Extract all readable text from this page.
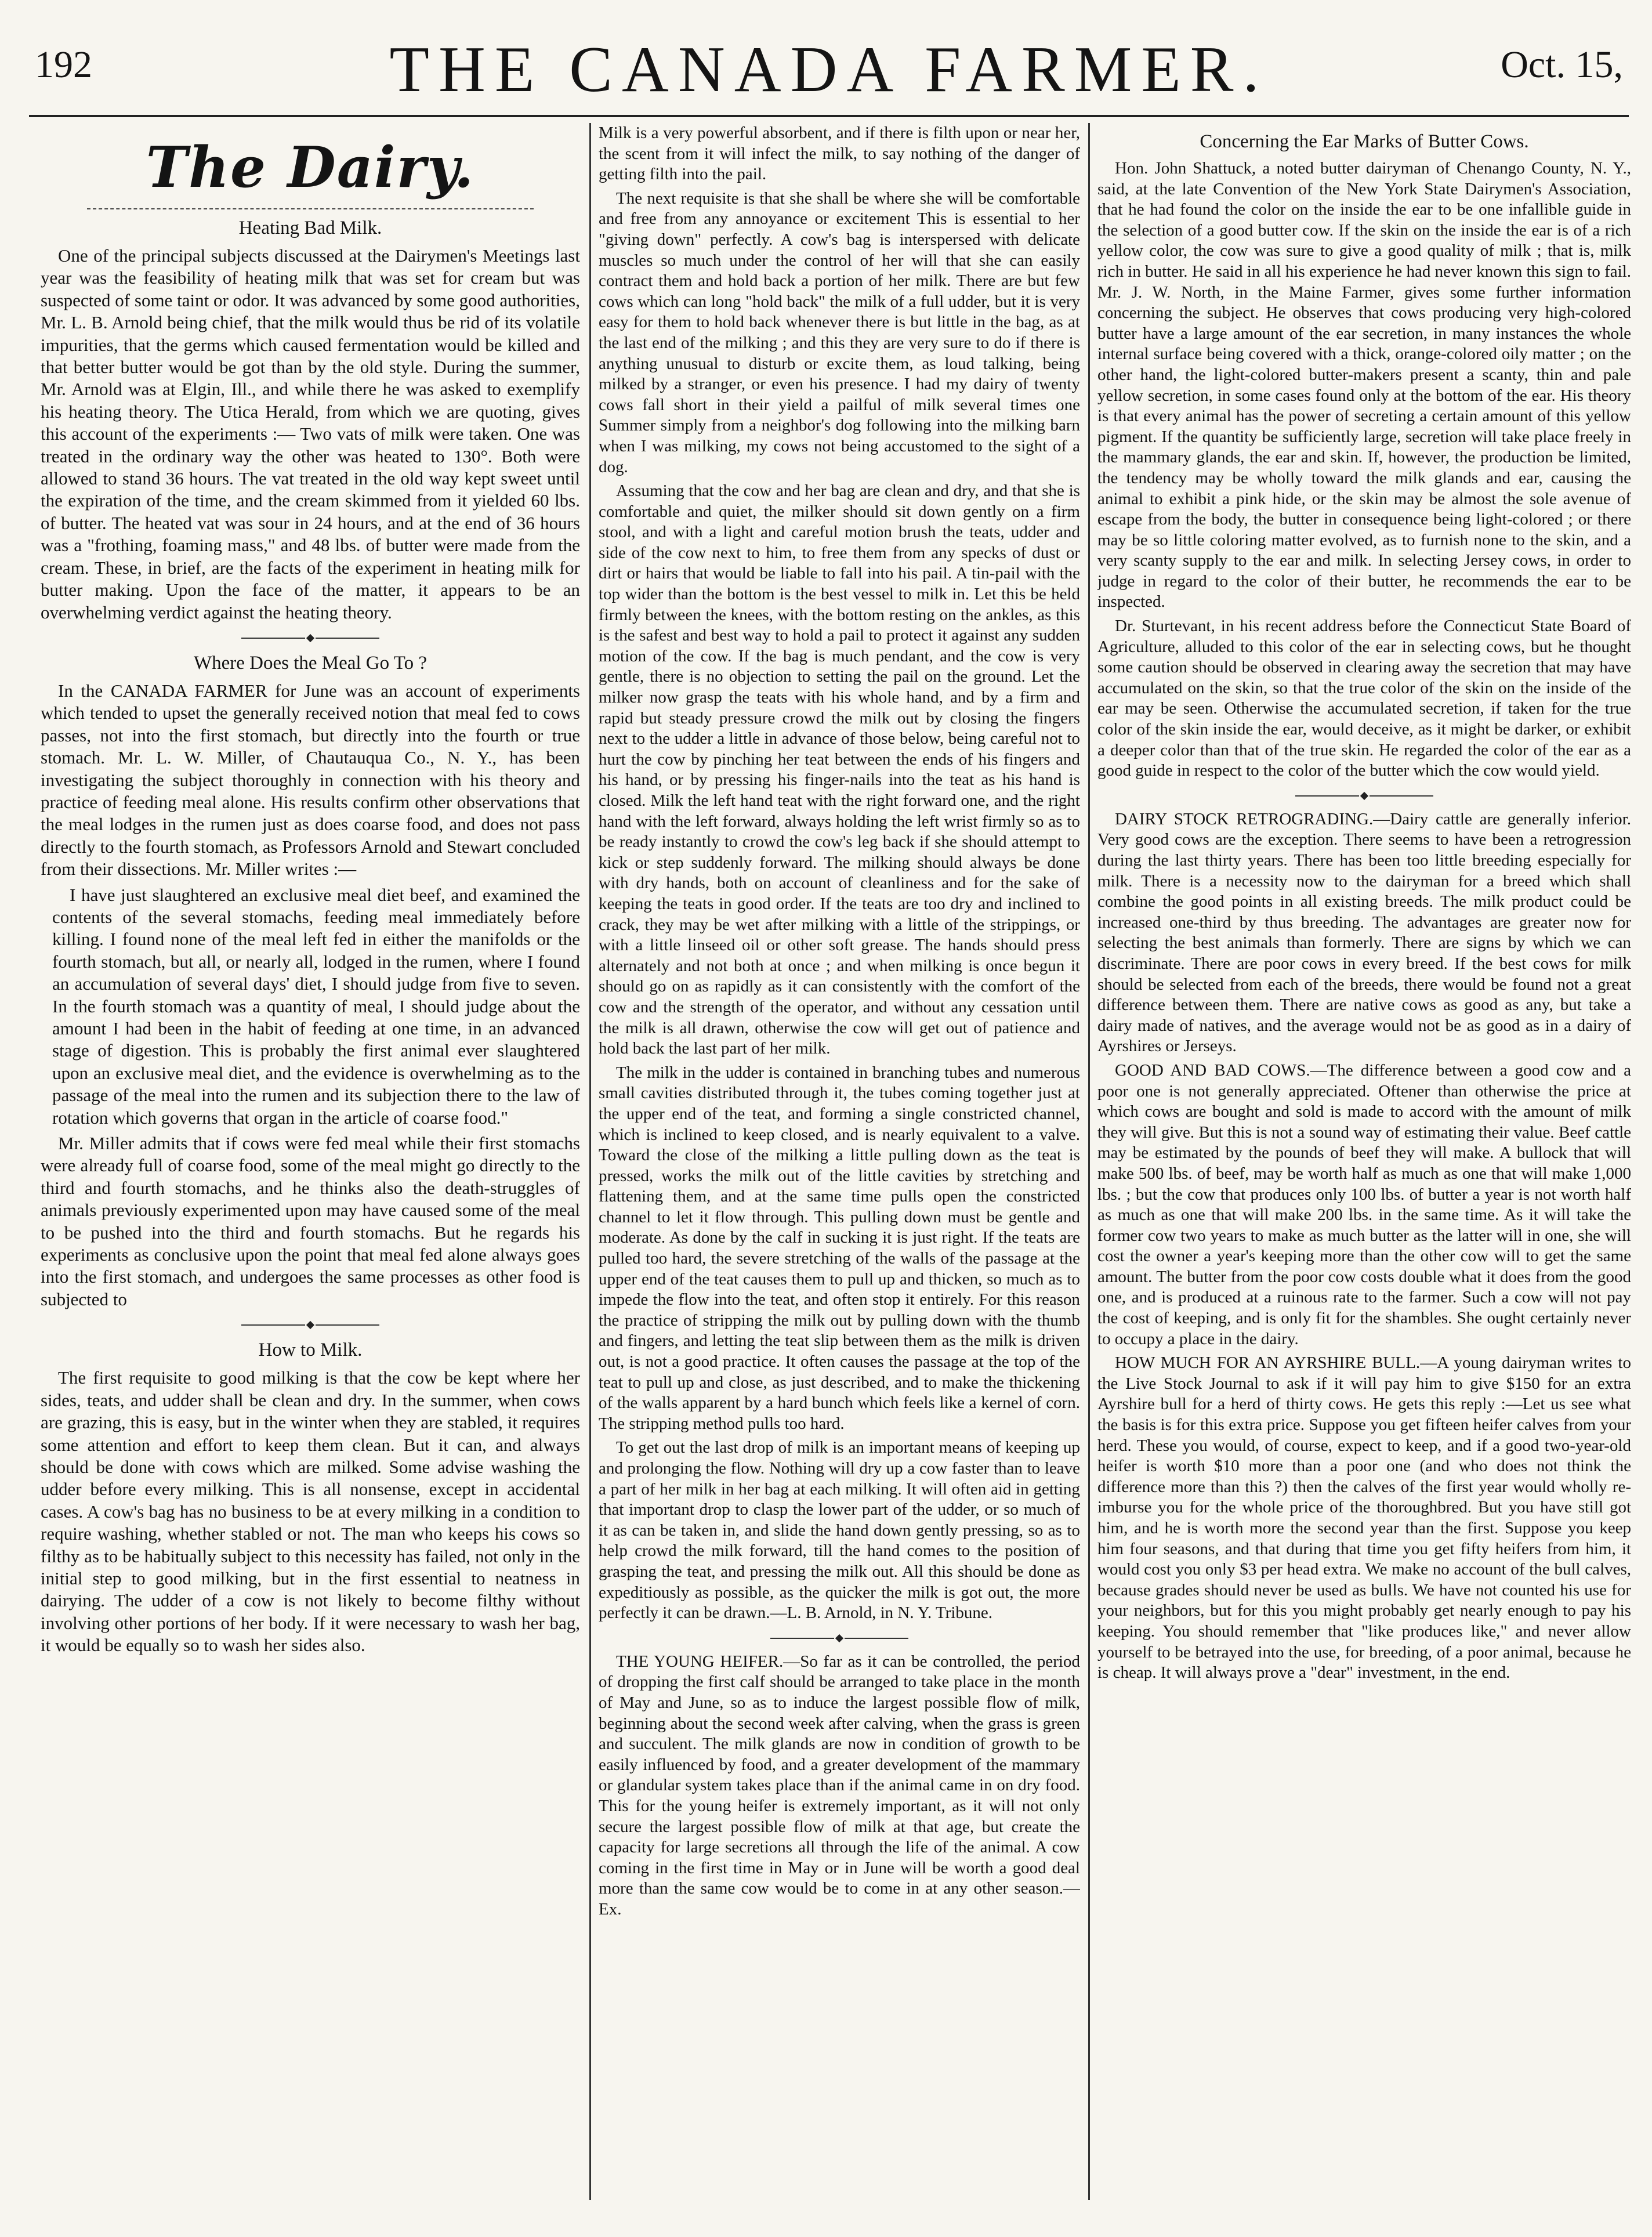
192	THE CANADA FARMER.	Oct. 15,
The Dairy.
Heating Bad Milk.

One of the principal subjects discussed at the Dairymen's Meetings last year was the feasibility of heating milk that was set for cream but was suspected of some taint or odor. It was advanced by some good authorities, Mr. L. B. Arnold being chief, that the milk would thus be rid of its volatile impurities, that the germs which caused fermentation would be killed and that better butter would be got than by the old style. During the summer, Mr. Arnold was at Elgin, Ill., and while there he was asked to exemplify his heating theory. The Utica Herald, from which we are quoting, gives this account of the experiments :— Two vats of milk were taken. One was treated in the ordinary way the other was heated to 130°. Both were allowed to stand 36 hours. The vat treated in the old way kept sweet until the expiration of the time, and the cream skimmed from it yielded 60 lbs. of butter. The heated vat was sour in 24 hours, and at the end of 36 hours was a "frothing, foaming mass," and 48 lbs. of butter were made from the cream. These, in brief, are the facts of the experiment in heating milk for butter making. Upon the face of the matter, it appears to be an overwhelming verdict against the heating theory.

Where Does the Meal Go To ?

In the CANADA FARMER for June was an account of experiments which tended to upset the generally received notion that meal fed to cows passes, not into the first stomach, but directly into the fourth or true stomach. Mr. L. W. Miller, of Chautauqua Co., N. Y., has been investigating the subject thoroughly in connection with his theory and practice of feeding meal alone. His results confirm other observations that the meal lodges in the rumen just as does coarse food, and does not pass directly to the fourth stomach, as Professors Arnold and Stewart concluded from their dissections. Mr. Miller writes :—

I have just slaughtered an exclusive meal diet beef, and examined the contents of the several stomachs, feeding meal immediately before killing. I found none of the meal left fed in either the manifolds or the fourth stomach, but all, or nearly all, lodged in the rumen, where I found an accumulation of several days' diet, I should judge from five to seven. In the fourth stomach was a quantity of meal, I should judge about the amount I had been in the habit of feeding at one time, in an advanced stage of digestion. This is probably the first animal ever slaughtered upon an exclusive meal diet, and the evidence is overwhelming as to the passage of the meal into the rumen and its subjection there to the law of rotation which governs that organ in the article of coarse food."

Mr. Miller admits that if cows were fed meal while their first stomachs were already full of coarse food, some of the meal might go directly to the third and fourth stomachs, and he thinks also the death-struggles of animals previously experimented upon may have caused some of the meal to be pushed into the third and fourth stomachs. But he regards his experiments as conclusive upon the point that meal fed alone always goes into the first stomach, and undergoes the same processes as other food is subjected to

How to Milk.

The first requisite to good milking is that the cow be kept where her sides, teats, and udder shall be clean and dry. In the summer, when cows are grazing, this is easy, but in the winter when they are stabled, it requires some attention and effort to keep them clean. But it can, and always should be done with cows which are milked. Some advise washing the udder before every milking. This is all nonsense, except in accidental cases. A cow's bag has no business to be at every milking in a condition to require washing, whether stabled or not. The man who keeps his cows so filthy as to be habitually subject to this necessity has failed, not only in the initial step to good milking, but in the first essential to neatness in dairying. The udder of a cow is not likely to become filthy without involving other portions of her body. If it were necessary to wash her bag, it would be equally so to wash her sides also.

Milk is a very powerful absorbent, and if there is filth upon or near her, the scent from it will infect the milk, to say nothing of the danger of getting filth into the pail.

The next requisite is that she shall be where she will be comfortable and free from any annoyance or excitement This is essential to her "giving down" perfectly. A cow's bag is interspersed with delicate muscles so much under the control of her will that she can easily contract them and hold back a portion of her milk. There are but few cows which can long "hold back" the milk of a full udder, but it is very easy for them to hold back whenever there is but little in the bag, as at the last end of the milking ; and this they are very sure to do if there is anything unusual to disturb or excite them, as loud talking, being milked by a stranger, or even his presence. I had my dairy of twenty cows fall short in their yield a pailful of milk several times one Summer simply from a neighbor's dog following into the milking barn when I was milking, my cows not being accustomed to the sight of a dog.

Assuming that the cow and her bag are clean and dry, and that she is comfortable and quiet, the milker should sit down gently on a firm stool, and with a light and careful motion brush the teats, udder and side of the cow next to him, to free them from any specks of dust or dirt or hairs that would be liable to fall into his pail. A tin-pail with the top wider than the bottom is the best vessel to milk in. Let this be held firmly between the knees, with the bottom resting on the ankles, as this is the safest and best way to hold a pail to protect it against any sudden motion of the cow. If the bag is much pendant, and the cow is very gentle, there is no objection to setting the pail on the ground. Let the milker now grasp the teats with his whole hand, and by a firm and rapid but steady pressure crowd the milk out by closing the fingers next to the udder a little in advance of those below, being careful not to hurt the cow by pinching her teat between the ends of his fingers and his hand, or by pressing his finger-nails into the teat as his hand is closed. Milk the left hand teat with the right forward one, and the right hand with the left forward, always holding the left wrist firmly so as to be ready instantly to crowd the cow's leg back if she should attempt to kick or step suddenly forward. The milking should always be done with dry hands, both on account of cleanliness and for the sake of keeping the teats in good order. If the teats are too dry and inclined to crack, they may be wet after milking with a little of the strippings, or with a little linseed oil or other soft grease. The hands should press alternately and not both at once ; and when milking is once begun it should go on as rapidly as it can consistently with the comfort of the cow and the strength of the operator, and without any cessation until the milk is all drawn, otherwise the cow will get out of patience and hold back the last part of her milk.

The milk in the udder is contained in branching tubes and numerous small cavities distributed through it, the tubes coming together just at the upper end of the teat, and forming a single constricted channel, which is inclined to keep closed, and is nearly equivalent to a valve. Toward the close of the milking a little pulling down as the teat is pressed, works the milk out of the little cavities by stretching and flattening them, and at the same time pulls open the constricted channel to let it flow through. This pulling down must be gentle and moderate. As done by the calf in sucking it is just right. If the teats are pulled too hard, the severe stretching of the walls of the passage at the upper end of the teat causes them to pull up and thicken, so much as to impede the flow into the teat, and often stop it entirely. For this reason the practice of stripping the milk out by pulling down with the thumb and fingers, and letting the teat slip between them as the milk is driven out, is not a good practice. It often causes the passage at the top of the teat to pull up and close, as just described, and to make the thickening of the walls apparent by a hard bunch which feels like a kernel of corn. The stripping method pulls too hard.

To get out the last drop of milk is an important means of keeping up and prolonging the flow. Nothing will dry up a cow faster than to leave a part of her milk in her bag at each milking. It will often aid in getting that important drop to clasp the lower part of the udder, or so much of it as can be taken in, and slide the hand down gently pressing, so as to help crowd the milk forward, till the hand comes to the position of grasping the teat, and pressing the milk out. All this should be done as expeditiously as possible, as the quicker the milk is got out, the more perfectly it can be drawn.—L. B. Arnold, in N. Y. Tribune.

THE YOUNG HEIFER.—So far as it can be controlled, the period of dropping the first calf should be arranged to take place in the month of May and June, so as to induce the largest possible flow of milk, beginning about the second week after calving, when the grass is green and succulent. The milk glands are now in condition of growth to be easily influenced by food, and a greater development of the mammary or glandular system takes place than if the animal came in on dry food. This for the young heifer is extremely important, as it will not only secure the largest possible flow of milk at that age, but create the capacity for large secretions all through the life of the animal. A cow coming in the first time in May or in June will be worth a good deal more than the same cow would be to come in at any other season.—Ex.

Concerning the Ear Marks of Butter Cows.

Hon. John Shattuck, a noted butter dairyman of Chenango County, N. Y., said, at the late Convention of the New York State Dairymen's Association, that he had found the color on the inside the ear to be one infallible guide in the selection of a good butter cow. If the skin on the inside the ear is of a rich yellow color, the cow was sure to give a good quality of milk ; that is, milk rich in butter. He said in all his experience he had never known this sign to fail. Mr. J. W. North, in the Maine Farmer, gives some further information concerning the subject. He observes that cows producing very high-colored butter have a large amount of the ear secretion, in many instances the whole internal surface being covered with a thick, orange-colored oily matter ; on the other hand, the light-colored butter-makers present a scanty, thin and pale yellow secretion, in some cases found only at the bottom of the ear. His theory is that every animal has the power of secreting a certain amount of this yellow pigment. If the quantity be sufficiently large, secretion will take place freely in the mammary glands, the ear and skin. If, however, the production be limited, the tendency may be wholly toward the milk glands and ear, causing the animal to exhibit a pink hide, or the skin may be almost the sole avenue of escape from the body, the butter in consequence being light-colored ; or there may be so little coloring matter evolved, as to furnish none to the skin, and a very scanty supply to the ear and milk. In selecting Jersey cows, in order to judge in regard to the color of their butter, he recommends the ear to be inspected.

Dr. Sturtevant, in his recent address before the Connecticut State Board of Agriculture, alluded to this color of the ear in selecting cows, but he thought some caution should be observed in clearing away the secretion that may have accumulated on the skin, so that the true color of the skin on the inside of the ear may be seen. Otherwise the accumulated secretion, if taken for the true color of the skin inside the ear, would deceive, as it might be darker, or exhibit a deeper color than that of the true skin. He regarded the color of the ear as a good guide in respect to the color of the butter which the cow would yield.

DAIRY STOCK RETROGRADING.—Dairy cattle are generally inferior. Very good cows are the exception. There seems to have been a retrogression during the last thirty years. There has been too little breeding especially for milk. There is a necessity now to the dairyman for a breed which shall combine the good points in all existing breeds. The milk product could be increased one-third by thus breeding. The advantages are greater now for selecting the best animals than formerly. There are signs by which we can discriminate. There are poor cows in every breed. If the best cows for milk should be selected from each of the breeds, there would be found not a great difference between them. There are native cows as good as any, but take a dairy made of natives, and the average would not be as good as in a dairy of Ayrshires or Jerseys.

GOOD AND BAD COWS.—The difference between a good cow and a poor one is not generally appreciated. Oftener than otherwise the price at which cows are bought and sold is made to accord with the amount of milk they will give. But this is not a sound way of estimating their value. Beef cattle may be estimated by the pounds of beef they will make. A bullock that will make 500 lbs. of beef, may be worth half as much as one that will make 1,000 lbs. ; but the cow that produces only 100 lbs. of butter a year is not worth half as much as one that will make 200 lbs. in the same time. As it will take the former cow two years to make as much butter as the latter will in one, she will cost the owner a year's keeping more than the other cow will to get the same amount. The butter from the poor cow costs double what it does from the good one, and is produced at a ruinous rate to the farmer. Such a cow will not pay the cost of keeping, and is only fit for the shambles. She ought certainly never to occupy a place in the dairy.

HOW MUCH FOR AN AYRSHIRE BULL.—A young dairyman writes to the Live Stock Journal to ask if it will pay him to give $150 for an extra Ayrshire bull for a herd of thirty cows. He gets this reply :—Let us see what the basis is for this extra price. Suppose you get fifteen heifer calves from your herd. These you would, of course, expect to keep, and if a good two-year-old heifer is worth $10 more than a poor one (and who does not think the difference more than this ?) then the calves of the first year would wholly re-imburse you for the whole price of the thoroughbred. But you have still got him, and he is worth more the second year than the first. Suppose you keep him four seasons, and that during that time you get fifty heifers from him, it would cost you only $3 per head extra. We make no account of the bull calves, because grades should never be used as bulls. We have not counted his use for your neighbors, but for this you might probably get nearly enough to pay his keeping. You should remember that "like produces like," and never allow yourself to be betrayed into the use, for breeding, of a poor animal, because he is cheap. It will always prove a "dear" investment, in the end.
